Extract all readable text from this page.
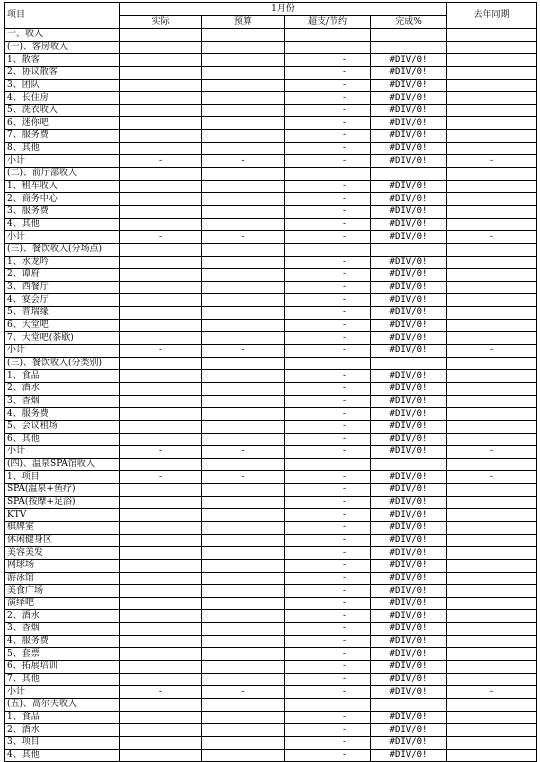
项目	1月份				去年同期
	实际	预算	超支/节约	完成%	
一、收入					
(一)、客房收入					
1、散客			-	#DIV/0!	
2、协议散客			-	#DIV/0!	
3、团队			-	#DIV/0!	
4、长住房			-	#DIV/0!	
5、洗衣收入			-	#DIV/0!	
6、迷你吧			-	#DIV/0!	
7、服务费			-	#DIV/0!	
8、其他			-	#DIV/0!	
小计	-	-	-	#DIV/0!	-
(二)、前厅部收入					
1、租车收入			-	#DIV/0!	
2、商务中心			-	#DIV/0!	
3、服务费			-	#DIV/0!	
4、其他			-	#DIV/0!	
小计	-	-	-	#DIV/0!	-
(三)、餐饮收入(分场点)					
1、水龙吟			-	#DIV/0!	
2、谭府			-	#DIV/0!	
3、西餐厅			-	#DIV/0!	
4、宴会厅			-	#DIV/0!	
5、普瑞缘			-	#DIV/0!	
6、大堂吧			-	#DIV/0!	
7、大堂吧(茶歇)			-	#DIV/0!	
小计	-	-	-	#DIV/0!	-
(三)、餐饮收入(分类别)					
1、食品			-	#DIV/0!	
2、酒水			-	#DIV/0!	
3、香烟			-	#DIV/0!	
4、服务费			-	#DIV/0!	
5、会议租场			-	#DIV/0!	
6、其他			-	#DIV/0!	
小计	-	-	-	#DIV/0!	-
(四)、温泉SPA馆收入					
1、项目	-	-	-	#DIV/0!	-
SPA(温泉+鱼疗)			-	#DIV/0!	
SPA(按摩+足浴)			-	#DIV/0!	
KTV			-	#DIV/0!	
棋牌室			-	#DIV/0!	
休闲健身区			-	#DIV/0!	
美容美发			-	#DIV/0!	
网球场			-	#DIV/0!	
游泳馆			-	#DIV/0!	
美食广场			-	#DIV/0!	
演绎吧			-	#DIV/0!	
2、酒水			-	#DIV/0!	
3、香烟			-	#DIV/0!	
4、服务费			-	#DIV/0!	
5、套票			-	#DIV/0!	
6、拓展培训			-	#DIV/0!	
7、其他			-	#DIV/0!	
小计	-	-	-	#DIV/0!	-
(五)、高尔夫收入					
1、食品			-	#DIV/0!	
2、酒水			-	#DIV/0!	
3、项目			-	#DIV/0!	
4、其他			-	#DIV/0!	
